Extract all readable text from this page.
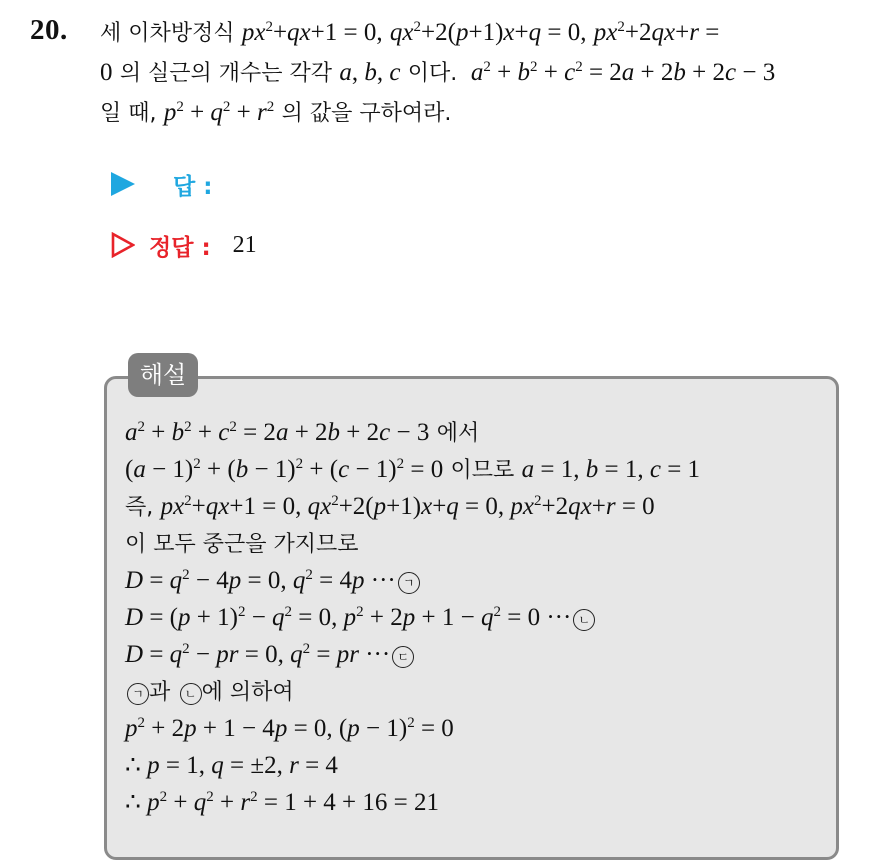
20. 세 이차방정식 $px^2+qx+1 = 0$, $qx^2+2(p+1)x+q = 0$, $px^2+2qx+r$ =
0 의 실근의 개수는 각각 a, b, c 이다. $a^2 + b^2 + c^2 = 2a + 2b + 2c - 3$
일 때, $p^2 + q^2 + r^2$ 의 값을 구하여라.
답 :
정답 : 21
해설
$a^2 + b^2 + c^2 = 2a + 2b + 2c - 3$ 에서
$(a - 1)^2 + (b - 1)^2 + (c - 1)^2 = 0$ 이므로 a = 1, b = 1, c = 1
즉, $px^2+qx+1 = 0$, $qx^2+2(p+1)x+q = 0$, $px^2+2qx+r = 0$
이 모두 중근을 가지므로
$D = q^2 - 4p = 0$, $q^2 = 4p$ ··· ㄱ
$D = (p + 1)^2 - q^2 = 0$, $p^2 + 2p + 1 - q^2 = 0$ ··· ㄴ
$D = q^2$ − pr = 0, $q^2$ = pr ··· ㄷ
ㄱ 과 ㄴ 에 의하여
$p^2 + 2p + 1 - 4p = 0$, $(p - 1)^2 = 0$
∴ p = 1, q = ±2, r = 4
∴ $p^2 + q^2 + r^2 = 1 + 4 + 16 = 21$
